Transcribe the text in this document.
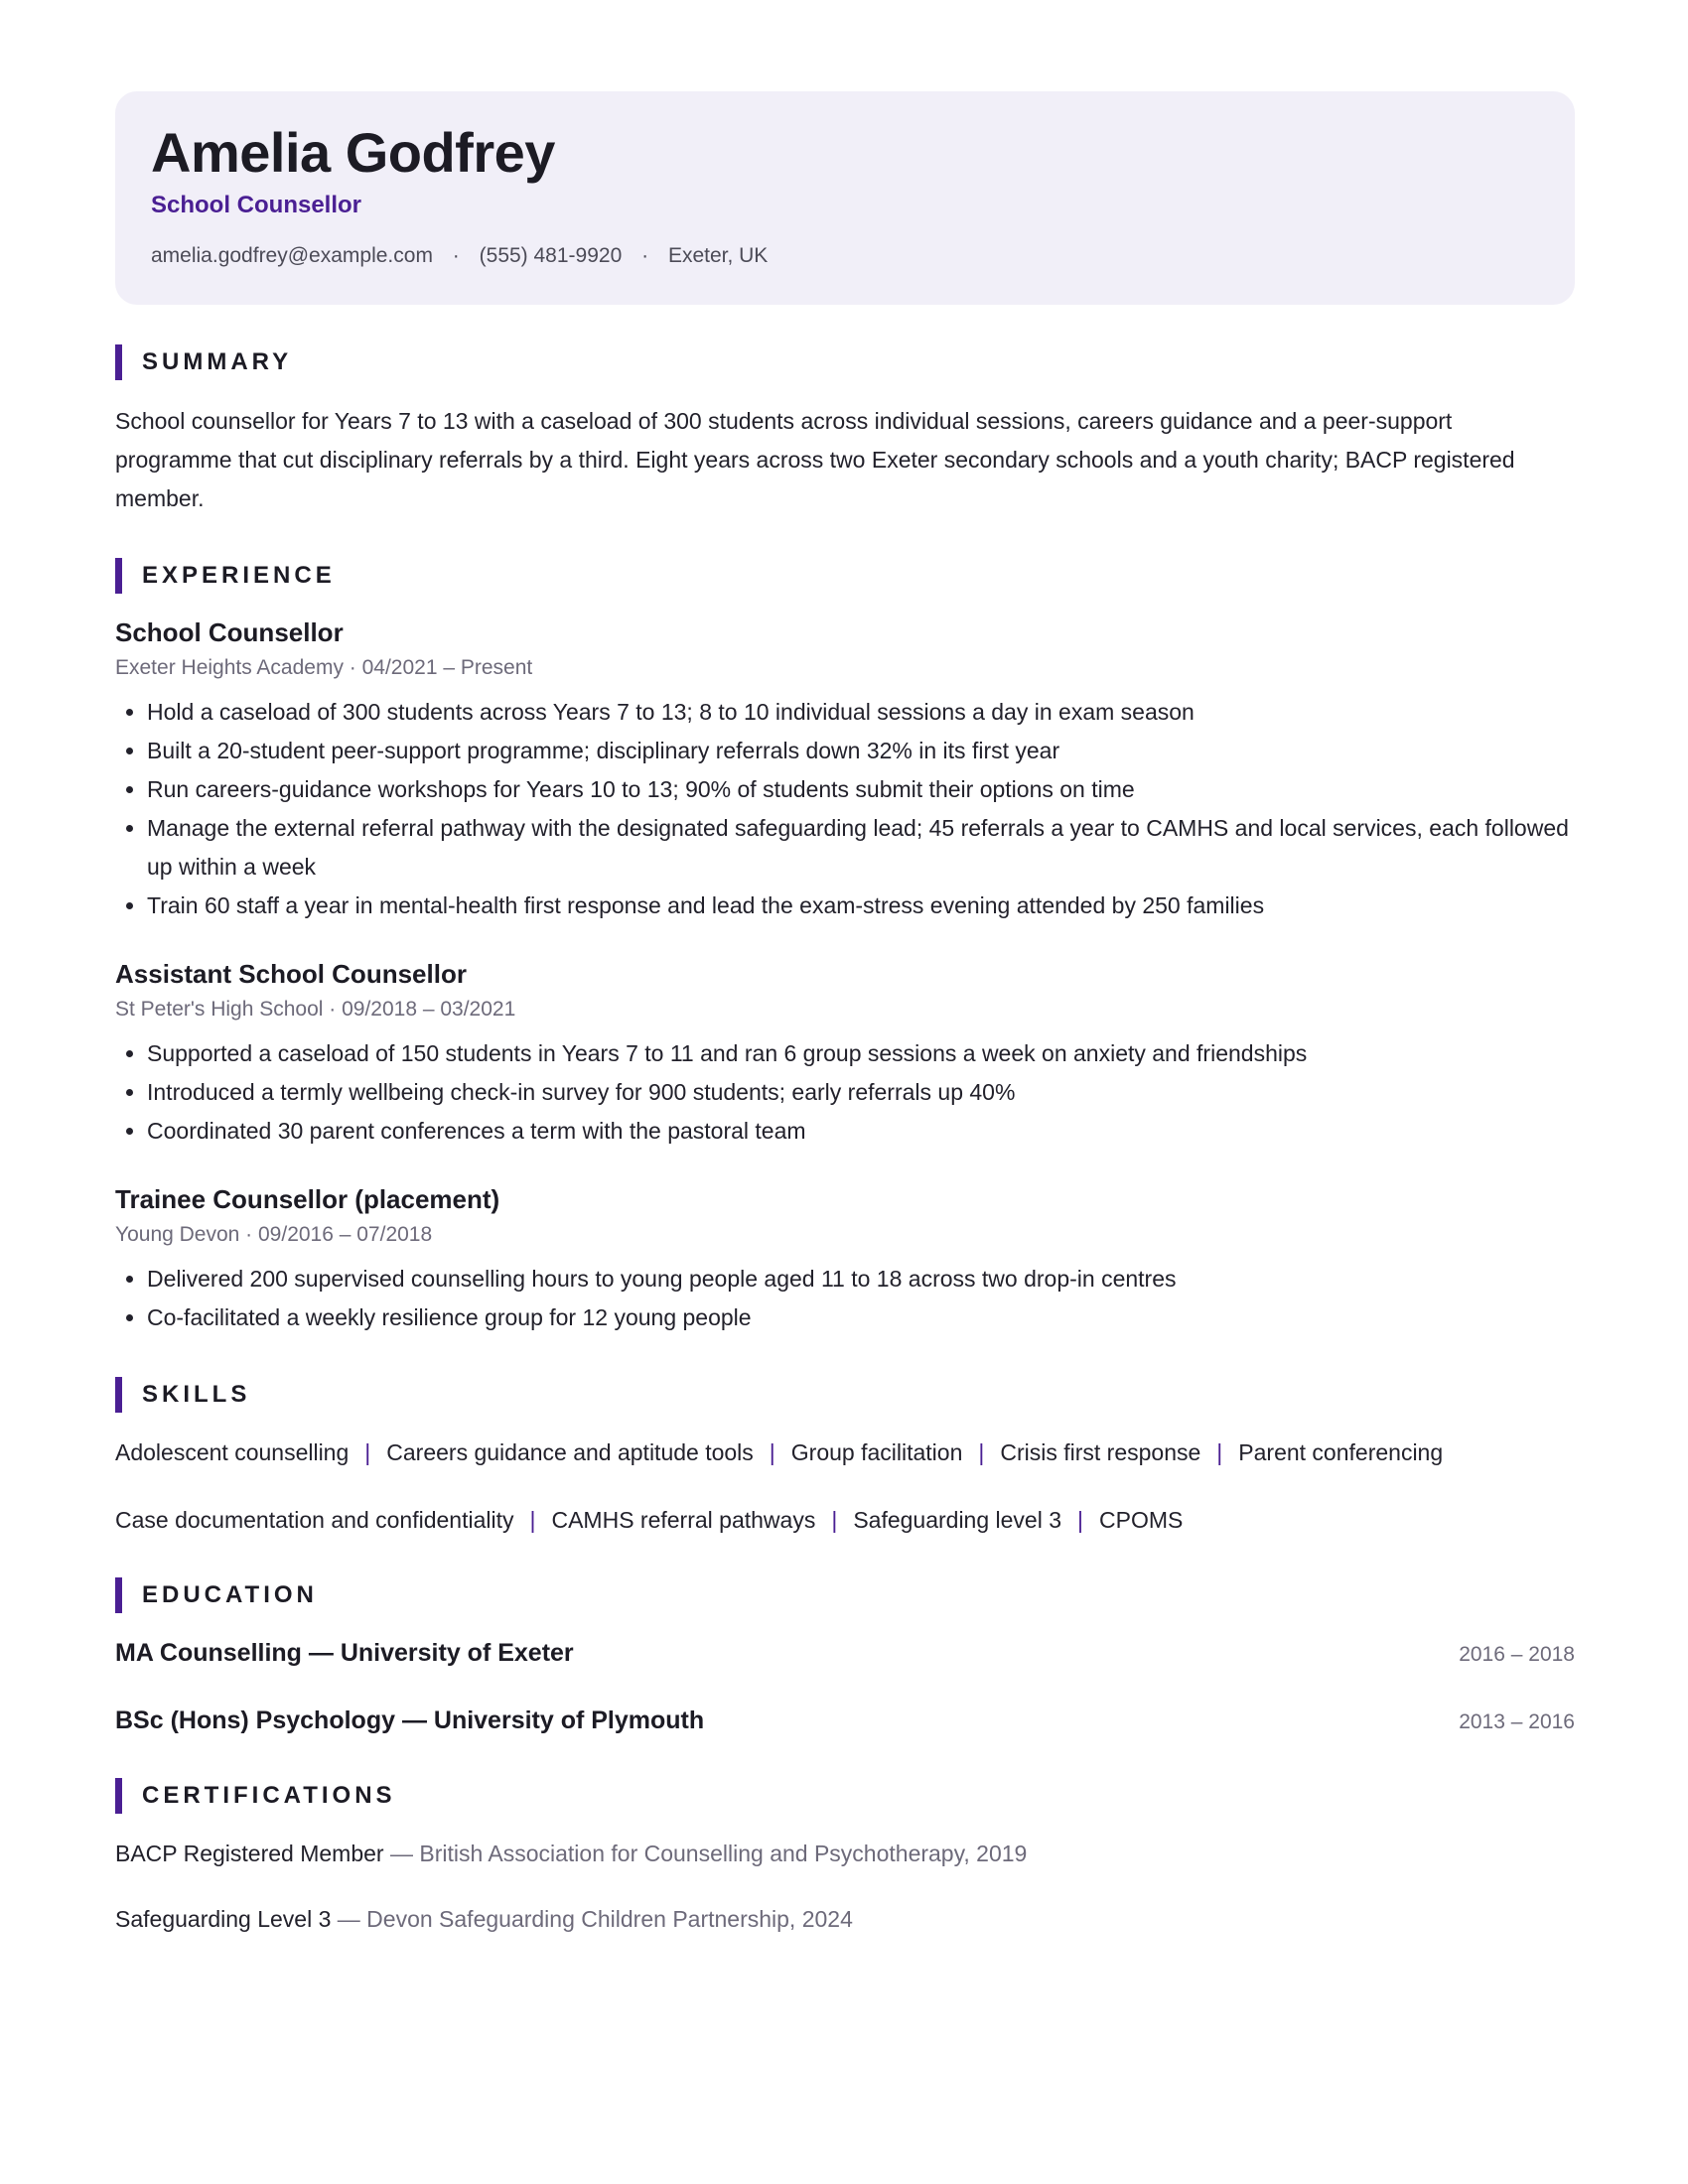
Amelia Godfrey
School Counsellor
amelia.godfrey@example.com · (555) 481-9920 · Exeter, UK
SUMMARY

School counsellor for Years 7 to 13 with a caseload of 300 students across individual sessions, careers guidance and a peer-support programme that cut disciplinary referrals by a third. Eight years across two Exeter secondary schools and a youth charity; BACP registered member.

EXPERIENCE
School Counsellor
Exeter Heights Academy · 04/2021 – Present
• Hold a caseload of 300 students across Years 7 to 13; 8 to 10 individual sessions a day in exam season
• Built a 20-student peer-support programme; disciplinary referrals down 32% in its first year
• Run careers-guidance workshops for Years 10 to 13; 90% of students submit their options on time
• Manage the external referral pathway with the designated safeguarding lead; 45 referrals a year to CAMHS and local services, each followed up within a week
• Train 60 staff a year in mental-health first response and lead the exam-stress evening attended by 250 families
Assistant School Counsellor
St Peter's High School · 09/2018 – 03/2021
• Supported a caseload of 150 students in Years 7 to 11 and ran 6 group sessions a week on anxiety and friendships
• Introduced a termly wellbeing check-in survey for 900 students; early referrals up 40%
• Coordinated 30 parent conferences a term with the pastoral team
Trainee Counsellor (placement)
Young Devon · 09/2016 – 07/2018
• Delivered 200 supervised counselling hours to young people aged 11 to 18 across two drop-in centres
• Co-facilitated a weekly resilience group for 12 young people
SKILLS
Adolescent counselling | Careers guidance and aptitude tools | Group facilitation | Crisis first response | Parent conferencing
Case documentation and confidentiality | CAMHS referral pathways | Safeguarding level 3 | CPOMS
EDUCATION
MA Counselling — University of Exeter	2016 – 2018
BSc (Hons) Psychology — University of Plymouth	2013 – 2016
CERTIFICATIONS
BACP Registered Member — British Association for Counselling and Psychotherapy, 2019
Safeguarding Level 3 — Devon Safeguarding Children Partnership, 2024
